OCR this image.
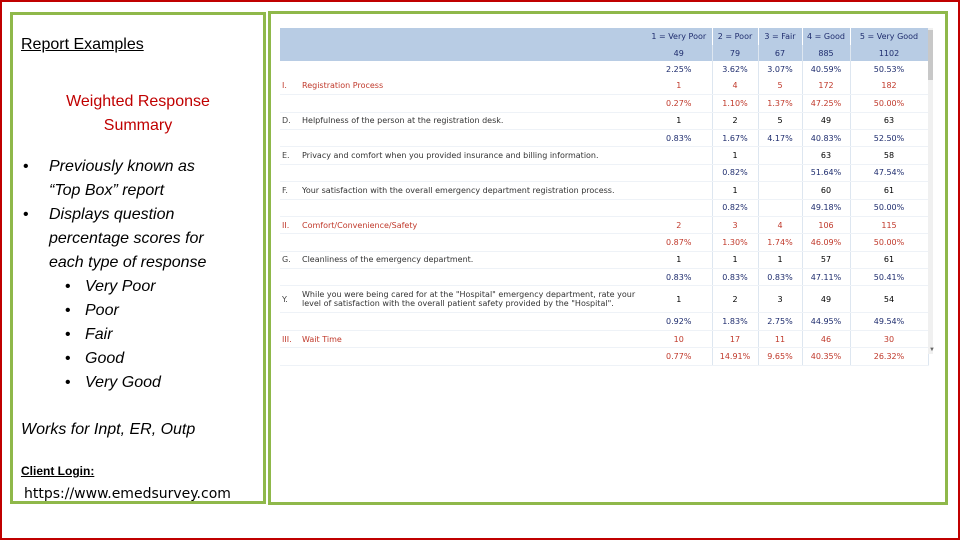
Report Examples
Weighted Response
Summary
• Previously known as
“Top Box” report
• Displays question
percentage scores for
each type of response
• Very Poor
• Poor
• Fair
• Good
• Very Good
Works for Inpt, ER, Outp
Client Login:
https://www.emedsurvey.com
		1 = Very Poor	2 = Poor	3 = Fair	4 = Good	5 = Very Good
		49	79	67	885	1102
		2.25%	3.62%	3.07%	40.59%	50.53%
I.	Registration Process	1	4	5	172	182
		0.27%	1.10%	1.37%	47.25%	50.00%
D.	Helpfulness of the person at the registration desk.	1	2	5	49	63
		0.83%	1.67%	4.17%	40.83%	52.50%
E.	Privacy and comfort when you provided insurance and billing information.		1		63	58
			0.82%		51.64%	47.54%
F.	Your satisfaction with the overall emergency department registration process.		1		60	61
			0.82%		49.18%	50.00%
II.	Comfort/Convenience/Safety	2	3	4	106	115
		0.87%	1.30%	1.74%	46.09%	50.00%
G.	Cleanliness of the emergency department.	1	1	1	57	61
		0.83%	0.83%	0.83%	47.11%	50.41%
Y.	While you were being cared for at the "Hospital" emergency department, rate your level of satisfaction with the overall patient safety provided by the "Hospital".	1	2	3	49	54
		0.92%	1.83%	2.75%	44.95%	49.54%
III.	Wait Time	10	17	11	46	30
		0.77%	14.91%	9.65%	40.35%	26.32%
▼
